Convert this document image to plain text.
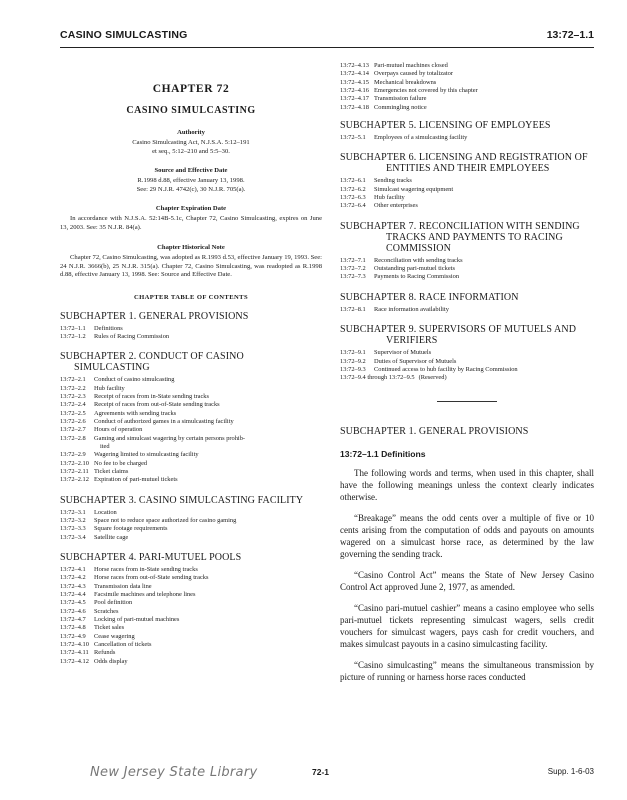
CASINO SIMULCASTING	13:72–1.1
CHAPTER 72
CASINO SIMULCASTING
Authority
Casino Simulcasting Act, N.J.S.A. 5:12–191
et seq., 5:12–210 and 5:5–30.
Source and Effective Date
R.1998 d.88, effective January 13, 1998.
See: 29 N.J.R. 4742(c), 30 N.J.R. 705(a).
Chapter Expiration Date
In accordance with N.J.S.A. 52:14B-5.1c, Chapter 72, Casino Simulcasting, expires on June 13, 2003. See: 35 N.J.R. 84(a).
Chapter Historical Note
Chapter 72, Casino Simulcasting, was adopted as R.1993 d.53, effective January 19, 1993. See: 24 N.J.R. 3666(b), 25 N.J.R. 315(a). Chapter 72, Casino Simulcasting, was readopted as R.1998 d.88, effective January 13, 1998. See: Source and Effective Date.
CHAPTER TABLE OF CONTENTS
SUBCHAPTER 1. GENERAL PROVISIONS
13:72–1.1	Definitions
13:72–1.2	Rules of Racing Commission
SUBCHAPTER 2. CONDUCT OF CASINO
SIMULCASTING
13:72–2.1	Conduct of casino simulcasting
13:72–2.2	Hub facility
13:72–2.3	Receipt of races from in-State sending tracks
13:72–2.4	Receipt of races from out-of-State sending tracks
13:72–2.5	Agreements with sending tracks
13:72–2.6	Conduct of authorized games in a simulcasting facility
13:72–2.7	Hours of operation
13:72–2.8	Gaming and simulcast wagering by certain persons prohib-
ited
13:72–2.9	Wagering limited to simulcasting facility
13:72–2.10 No fee to be charged
13:72–2.11 Ticket claims
13:72–2.12 Expiration of pari-mutuel tickets
SUBCHAPTER 3. CASINO SIMULCASTING FACILITY
13:72–3.1	Location
13:72–3.2	Space not to reduce space authorized for casino gaming
13:72–3.3	Square footage requirements
13:72–3.4	Satellite cage
SUBCHAPTER 4. PARI-MUTUEL POOLS
13:72–4.1	Horse races from in-State sending tracks
13:72–4.2	Horse races from out-of-State sending tracks
13:72–4.3	Transmission data line
13:72–4.4	Facsimile machines and telephone lines
13:72–4.5	Pool definition
13:72–4.6	Scratches
13:72–4.7	Locking of pari-mutuel machines
13:72–4.8	Ticket sales
13:72–4.9	Cease wagering
13:72–4.10 Cancellation of tickets
13:72–4.11 Refunds
13:72–4.12 Odds display
13:72–4.13 Pari-mutuel machines closed
13:72–4.14 Overpays caused by totalizator
13:72–4.15 Mechanical breakdowns
13:72–4.16 Emergencies not covered by this chapter
13:72–4.17 Transmission failure
13:72–4.18 Commingling notice
SUBCHAPTER 5. LICENSING OF EMPLOYEES
13:72–5.1	Employees of a simulcasting facility
SUBCHAPTER 6. LICENSING AND REGISTRATION OF
ENTITIES AND THEIR EMPLOYEES
13:72–6.1	Sending tracks
13:72–6.2	Simulcast wagering equipment
13:72–6.3	Hub facility
13:72–6.4	Other enterprises
SUBCHAPTER 7. RECONCILIATION WITH SENDING
TRACKS AND PAYMENTS TO RACING
COMMISSION
13:72–7.1	Reconciliation with sending tracks
13:72–7.2	Outstanding pari-mutuel tickets
13:72–7.3	Payments to Racing Commission
SUBCHAPTER 8. RACE INFORMATION
13:72–8.1	Race information availability
SUBCHAPTER 9. SUPERVISORS OF MUTUELS AND
VERIFIERS
13:72–9.1	Supervisor of Mutuels
13:72–9.2	Duties of Supervisor of Mutuels
13:72–9.3	Continued access to hub facility by Racing Commission
13:72–9.4 through 13:72–9.5 (Reserved)
SUBCHAPTER 1. GENERAL PROVISIONS
13:72–1.1 Definitions

The following words and terms, when used in this chapter, shall have the following meanings unless the context clearly indicates otherwise.

“Breakage” means the odd cents over a multiple of five or 10 cents arising from the computation of odds and payouts on amounts wagered on a simulcast horse race, as determined by the law governing the sending track.

“Casino Control Act” means the State of New Jersey Casino Control Act approved June 2, 1977, as amended.

“Casino pari-mutuel cashier” means a casino employee who sells pari-mutuel tickets representing simulcast wagers, sells credit vouchers for simulcast wagers, pays cash for credit vouchers, and makes simulcast payouts in a casino simulcasting facility.

“Casino simulcasting” means the simultaneous transmission by picture of running or harness horse races conducted

New Jersey State Library	72-1	Supp. 1-6-03
